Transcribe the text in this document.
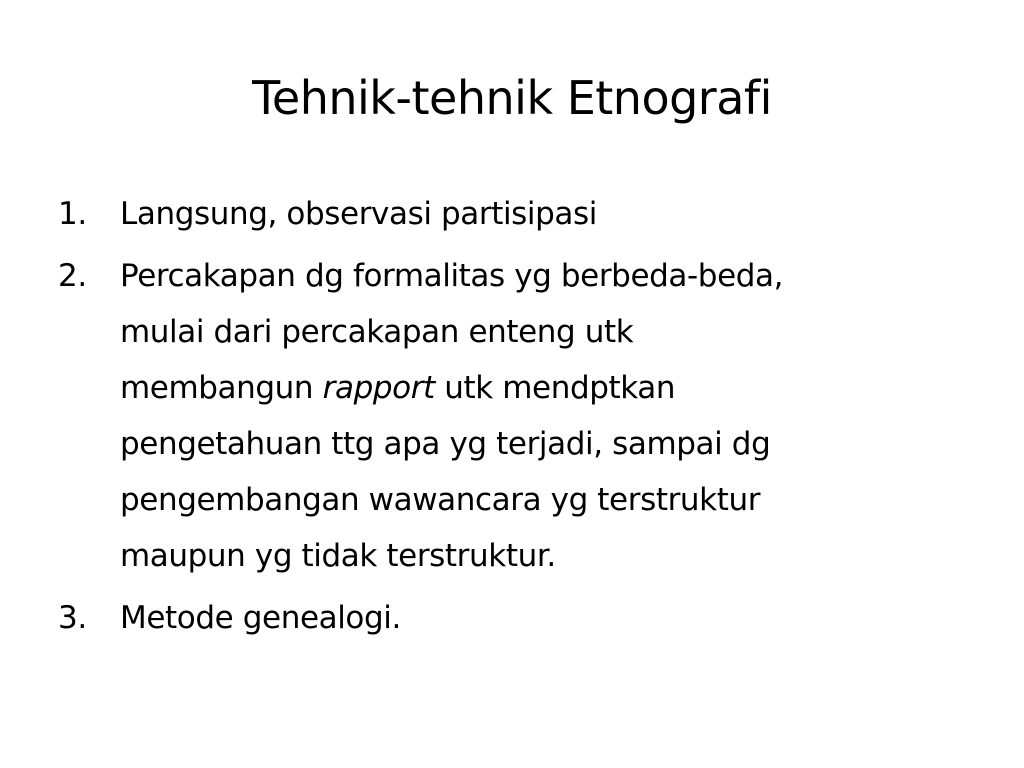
Tehnik-tehnik Etnografi
1. Langsung, observasi partisipasi
2. Percakapan dg formalitas yg berbeda-beda,
mulai dari percakapan enteng utk
membangun rapport utk mendptkan
pengetahuan ttg apa yg terjadi, sampai dg
pengembangan wawancara yg terstruktur
maupun yg tidak terstruktur.
3. Metode genealogi.
